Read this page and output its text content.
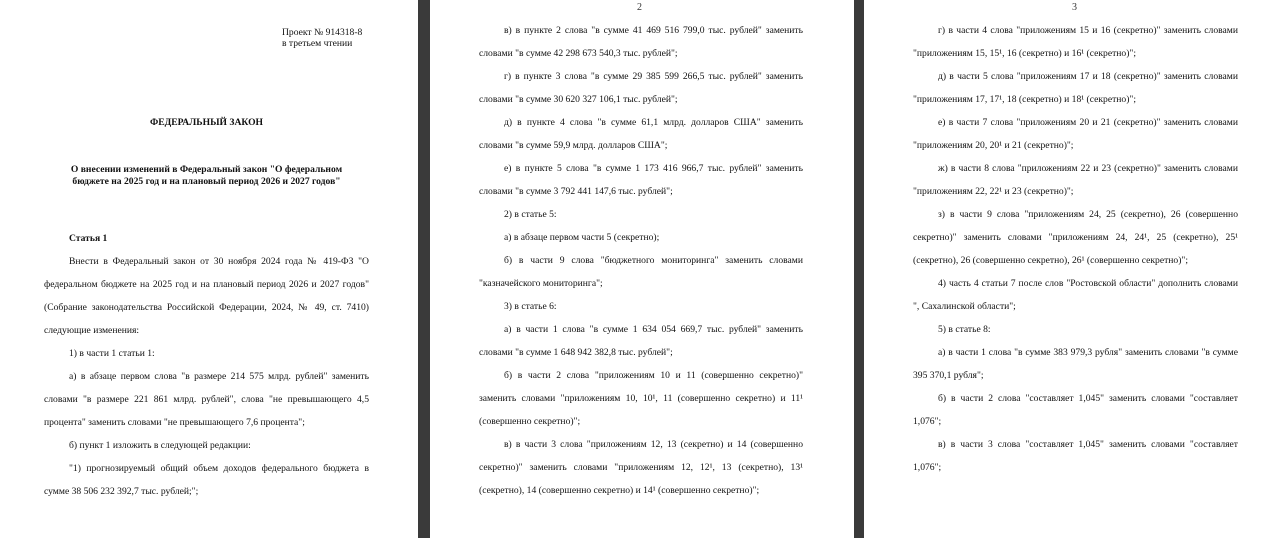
Проект № 914318-8
в третьем чтении
ФЕДЕРАЛЬНЫЙ ЗАКОН
О внесении изменений в Федеральный закон "О федеральном бюджете на 2025 год и на плановый период 2026 и 2027 годов"
Статья 1
Внести в Федеральный закон от 30 ноября 2024 года № 419-ФЗ "О федеральном бюджете на 2025 год и на плановый период 2026 и 2027 годов" (Собрание законодательства Российской Федерации, 2024, № 49, ст. 7410) следующие изменения:
1) в части 1 статьи 1:
а) в абзаце первом слова "в размере 214 575 млрд. рублей" заменить словами "в размере 221 861 млрд. рублей", слова "не превышающего 4,5 процента" заменить словами "не превышающего 7,6 процента";
б) пункт 1 изложить в следующей редакции:
"1) прогнозируемый общий объем доходов федерального бюджета в сумме 38 506 232 392,7 тыс. рублей;";
2
в) в пункте 2 слова "в сумме 41 469 516 799,0 тыс. рублей" заменить словами "в сумме 42 298 673 540,3 тыс. рублей";
г) в пункте 3 слова "в сумме 29 385 599 266,5 тыс. рублей" заменить словами "в сумме 30 620 327 106,1 тыс. рублей";
д) в пункте 4 слова "в сумме 61,1 млрд. долларов США" заменить словами "в сумме 59,9 млрд. долларов США";
е) в пункте 5 слова "в сумме 1 173 416 966,7 тыс. рублей" заменить словами "в сумме 3 792 441 147,6 тыс. рублей";
2) в статье 5:
а) в абзаце первом части 5 (секретно);
б) в части 9 слова "бюджетного мониторинга" заменить словами "казначейского мониторинга";
3) в статье 6:
а) в части 1 слова "в сумме 1 634 054 669,7 тыс. рублей" заменить словами "в сумме 1 648 942 382,8 тыс. рублей";
б) в части 2 слова "приложениям 10 и 11 (совершенно секретно)" заменить словами "приложениям 10, 10¹, 11 (совершенно секретно) и 11¹ (совершенно секретно)";
в) в части 3 слова "приложениям 12, 13 (секретно) и 14 (совершенно секретно)" заменить словами "приложениям 12, 12¹, 13 (секретно), 13¹ (секретно), 14 (совершенно секретно) и 14¹ (совершенно секретно)";
3
г) в части 4 слова "приложениям 15 и 16 (секретно)" заменить словами "приложениям 15, 15¹, 16 (секретно) и 16¹ (секретно)";
д) в части 5 слова "приложениям 17 и 18 (секретно)" заменить словами "приложениям 17, 17¹, 18 (секретно) и 18¹ (секретно)";
е) в части 7 слова "приложениям 20 и 21 (секретно)" заменить словами "приложениям 20, 20¹ и 21 (секретно)";
ж) в части 8 слова "приложениям 22 и 23 (секретно)" заменить словами "приложениям 22, 22¹ и 23 (секретно)";
з) в части 9 слова "приложениям 24, 25 (секретно), 26 (совершенно секретно)" заменить словами "приложениям 24, 24¹, 25 (секретно), 25¹ (секретно), 26 (совершенно секретно), 26¹ (совершенно секретно)";
4) часть 4 статьи 7 после слов "Ростовской области" дополнить словами ", Сахалинской области";
5) в статье 8:
а) в части 1 слова "в сумме 383 979,3 рубля" заменить словами "в сумме 395 370,1 рубля";
б) в части 2 слова "составляет 1,045" заменить словами "составляет 1,076";
в) в части 3 слова "составляет 1,045" заменить словами "составляет 1,076";
